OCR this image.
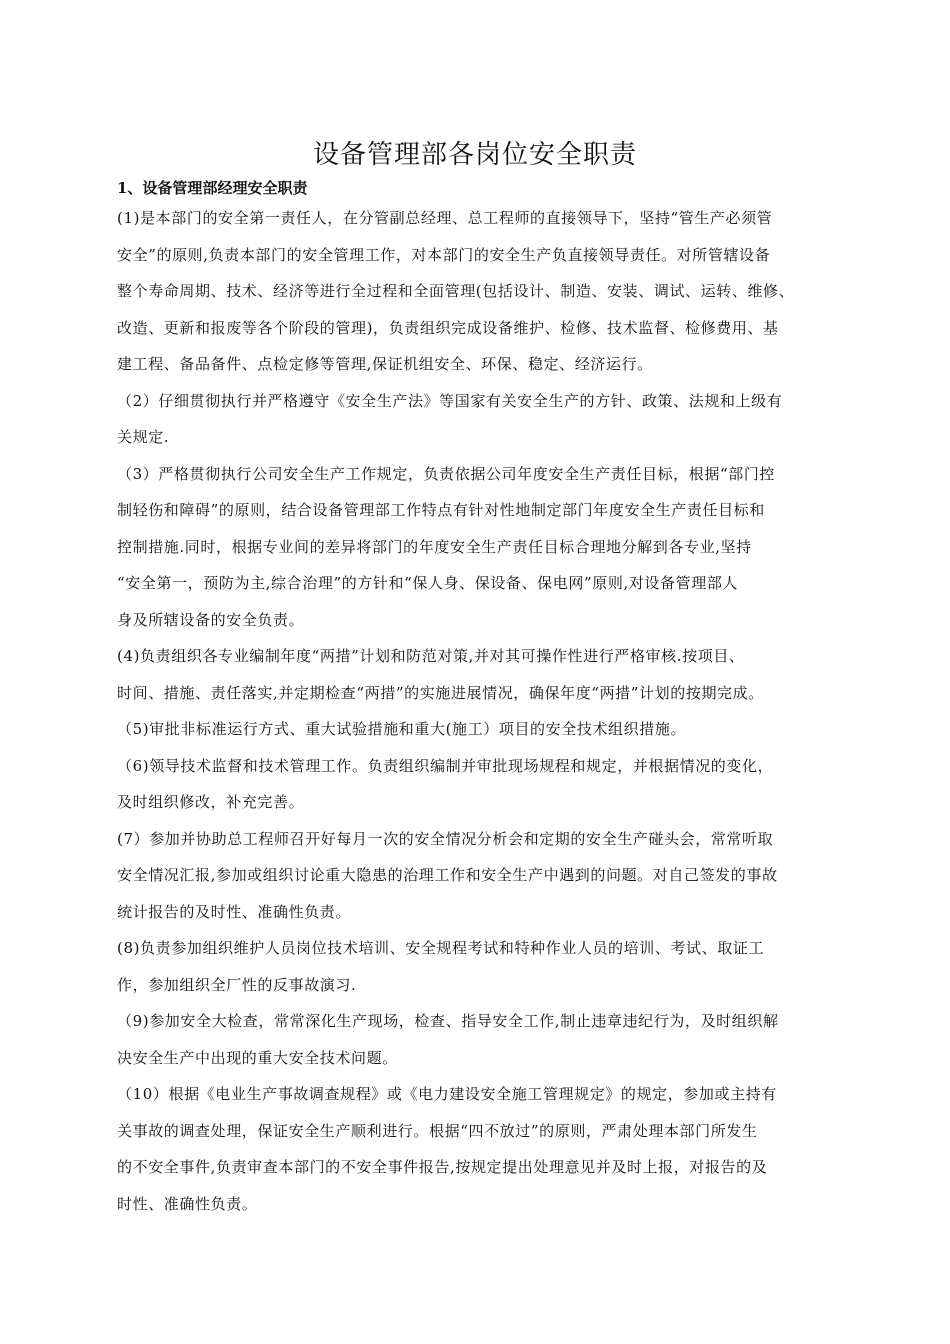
设备管理部各岗位安全职责
1、设备管理部经理安全职责
(1)是本部门的安全第一责任人，在分管副总经理、总工程师的直接领导下，坚持“管生产必须管
安全”的原则,负责本部门的安全管理工作，对本部门的安全生产负直接领导责任。对所管辖设备
整个寿命周期、技术、经济等进行全过程和全面管理(包括设计、制造、安装、调试、运转、维修、
改造、更新和报废等各个阶段的管理)，负责组织完成设备维护、检修、技术监督、检修费用、基
建工程、备品备件、点检定修等管理,保证机组安全、环保、稳定、经济运行。
（2）仔细贯彻执行并严格遵守《安全生产法》等国家有关安全生产的方针、政策、法规和上级有
关规定.
（3）严格贯彻执行公司安全生产工作规定，负责依据公司年度安全生产责任目标，根据“部门控
制轻伤和障碍”的原则，结合设备管理部工作特点有针对性地制定部门年度安全生产责任目标和
控制措施.同时，根据专业间的差异将部门的年度安全生产责任目标合理地分解到各专业,坚持
“安全第一，预防为主,综合治理”的方针和“保人身、保设备、保电网”原则,对设备管理部人
身及所辖设备的安全负责。
(4)负责组织各专业编制年度“两措”计划和防范对策,并对其可操作性进行严格审核.按项目、
时间、措施、责任落实,并定期检查“两措”的实施进展情况，确保年度“两措”计划的按期完成。
（5)审批非标准运行方式、重大试验措施和重大(施工）项目的安全技术组织措施。
（6)领导技术监督和技术管理工作。负责组织编制并审批现场规程和规定，并根据情况的变化，
及时组织修改，补充完善。
(7）参加并协助总工程师召开好每月一次的安全情况分析会和定期的安全生产碰头会，常常听取
安全情况汇报,参加或组织讨论重大隐患的治理工作和安全生产中遇到的问题。对自己签发的事故
统计报告的及时性、准确性负责。
(8)负责参加组织维护人员岗位技术培训、安全规程考试和特种作业人员的培训、考试、取证工
作，参加组织全厂性的反事故演习.
（9)参加安全大检查，常常深化生产现场，检查、指导安全工作,制止违章违纪行为，及时组织解
决安全生产中出现的重大安全技术问题。
（10）根据《电业生产事故调查规程》或《电力建设安全施工管理规定》的规定，参加或主持有
关事故的调查处理，保证安全生产顺利进行。根据“四不放过”的原则，严肃处理本部门所发生
的不安全事件,负责审查本部门的不安全事件报告,按规定提出处理意见并及时上报，对报告的及
时性、准确性负责。
